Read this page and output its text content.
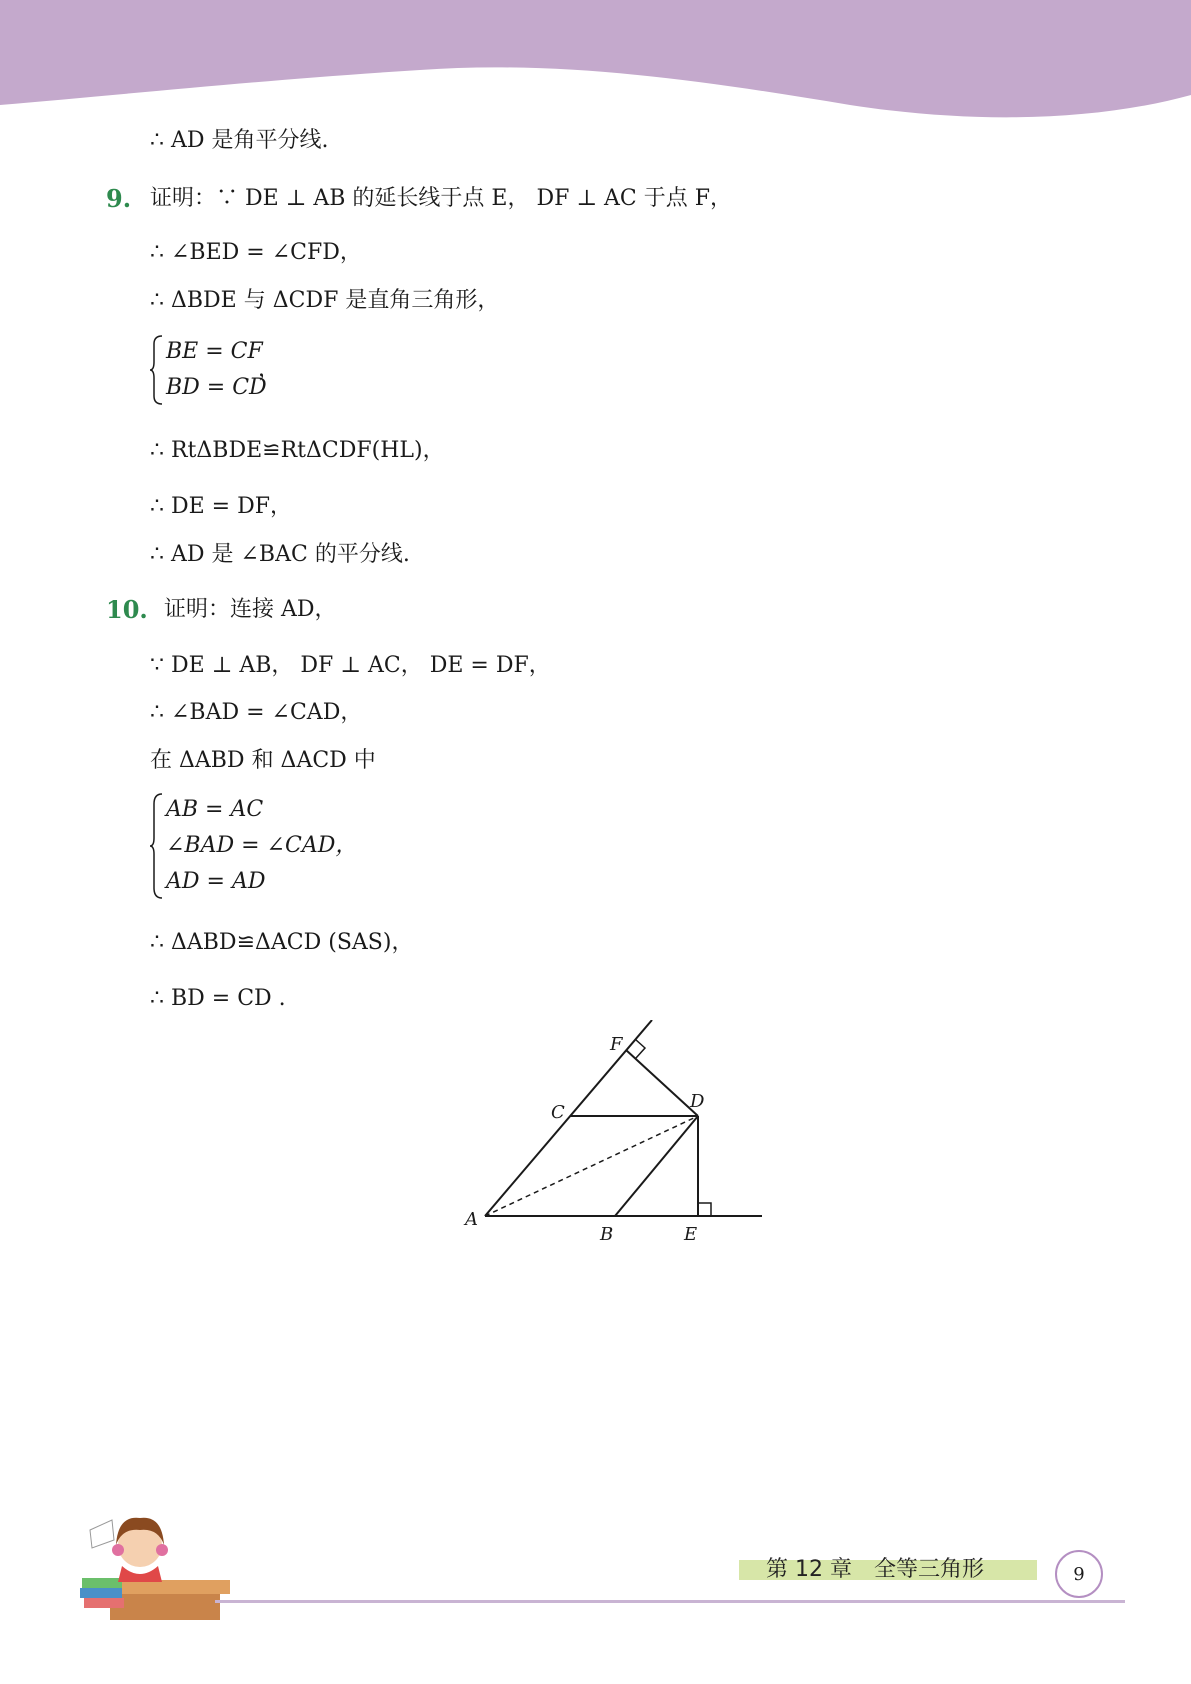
∴ AD 是角平分线.
9. 证明：∵ DE ⊥ AB 的延长线于点 E， DF ⊥ AC 于点 F，
∴ ∠BED = ∠CFD，
∴ ΔBDE 与 ΔCDF 是直角三角形，
BE = CF
BD = CD
，
∴ RtΔBDE≌RtΔCDF(HL)，
∴ DE = DF，
∴ AD 是 ∠BAC 的平分线.
10. 证明：连接 AD，
∵ DE ⊥ AB， DF ⊥ AC， DE = DF，
∴ ∠BAD = ∠CAD，
在 ΔABD 和 ΔACD 中
AB = AC
∠BAD = ∠CAD，
AD = AD
∴ ΔABD≌ΔACD (SAS)，
∴ BD = CD .
A
B	E
C
D
F
第 12 章　全等三角形	9
